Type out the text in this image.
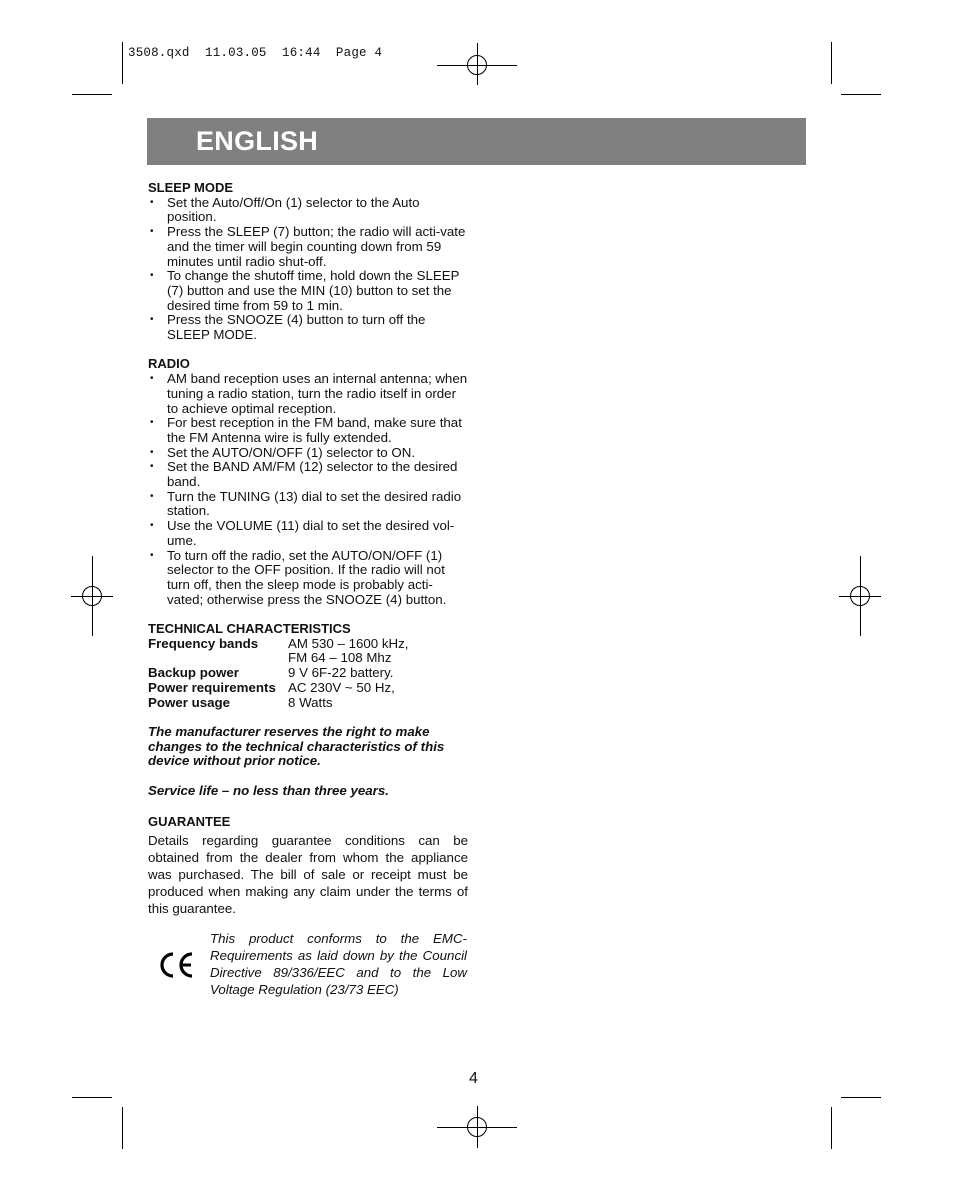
3508.qxd  11.03.05  16:44  Page 4
ENGLISH
SLEEP MODE
• Set the Auto/Off/On (1) selector to the Auto position.
• Press the SLEEP (7) button; the radio will acti-vate and the timer will begin counting down from 59 minutes until radio shut-off.
• To change the shutoff time, hold down the SLEEP (7) button and use the MIN (10) button to set the desired time from 59 to 1 min.
• Press the SNOOZE (4) button to turn off the SLEEP MODE.
RADIO
• AM band reception uses an internal antenna; when tuning a radio station, turn the radio itself in order to achieve optimal reception.
• For best reception in the FM band, make sure that the FM Antenna wire is fully extended.
• Set the AUTO/ON/OFF (1) selector to ON.
• Set the BAND AM/FM (12) selector to the desired band.
• Turn the TUNING (13) dial to set the desired radio station.
• Use the VOLUME (11) dial to set the desired vol-ume.
• To turn off the radio, set the AUTO/ON/OFF (1) selector to the OFF position. If the radio will not turn off, then the sleep mode is probably acti-vated; otherwise press the SNOOZE (4) button.
TECHNICAL CHARACTERISTICS
Frequency bands	AM 530 – 1600 kHz,
FM 64 – 108 Mhz

Backup power	9 V 6F-22 battery.
Power requirements	AC 230V ~ 50 Hz,
Power usage	8 Watts

The manufacturer reserves the right to make changes to the technical characteristics of this device without prior notice.

Service life – no less than three years.

GUARANTEE

Details regarding guarantee conditions can be obtained from the dealer from whom the appliance was purchased. The bill of sale or receipt must be produced when making any claim under the terms of this guarantee.

This product conforms to the EMC-Requirements as laid down by the Council Directive 89/336/EEC and to the Low Voltage Regulation (23/73 EEC)

4
